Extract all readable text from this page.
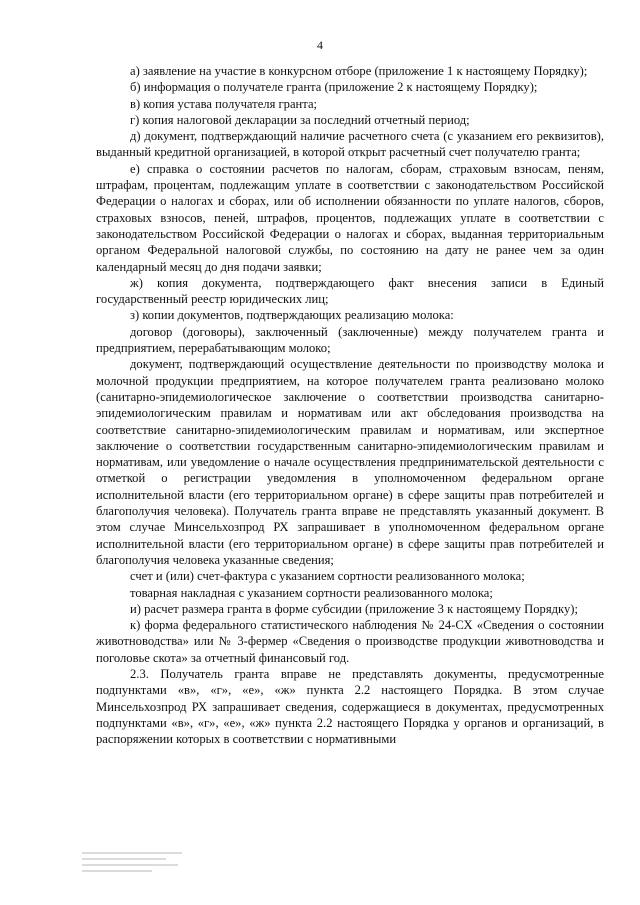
4

а) заявление на участие в конкурсном отборе (приложение 1 к настоящему Порядку);

б) информация о получателе гранта (приложение 2 к настоящему Порядку);

в) копия устава получателя гранта;

г) копия налоговой декларации за последний отчетный период;

д) документ, подтверждающий наличие расчетного счета (с указанием его реквизитов), выданный кредитной организацией, в которой открыт расчетный счет получателю гранта;

е) справка о состоянии расчетов по налогам, сборам, страховым взносам, пеням, штрафам, процентам, подлежащим уплате в соответствии с законодательством Российской Федерации о налогах и сборах, или об исполнении обязанности по уплате налогов, сборов, страховых взносов, пеней, штрафов, процентов, подлежащих уплате в соответствии с законодательством Российской Федерации о налогах и сборах, выданная территориальным органом Федеральной налоговой службы, по состоянию на дату не ранее чем за один календарный месяц до дня подачи заявки;

ж) копия документа, подтверждающего факт внесения записи в Единый государственный реестр юридических лиц;

з) копии документов, подтверждающих реализацию молока:

договор (договоры), заключенный (заключенные) между получателем гранта и предприятием, перерабатывающим молоко;

документ, подтверждающий осуществление деятельности по производству молока и молочной продукции предприятием, на которое получателем гранта реализовано молоко (санитарно-эпидемиологическое заключение о соответствии производства санитарно-эпидемиологическим правилам и нормативам или акт обследования производства на соответствие санитарно-эпидемиологическим правилам и нормативам, или экспертное заключение о соответствии государственным санитарно-эпидемиологическим правилам и нормативам, или уведомление о начале осуществления предпринимательской деятельности с отметкой о регистрации уведомления в уполномоченном федеральном органе исполнительной власти (его территориальном органе) в сфере защиты прав потребителей и благополучия человека). Получатель гранта вправе не представлять указанный документ. В этом случае Минсельхозпрод РХ запрашивает в уполномоченном федеральном органе исполнительной власти (его территориальном органе) в сфере защиты прав потребителей и благополучия человека указанные сведения;

счет и (или) счет-фактура с указанием сортности реализованного молока;

товарная накладная с указанием сортности реализованного молока;

и) расчет размера гранта в форме субсидии (приложение 3 к настоящему Порядку);

к) форма федерального статистического наблюдения № 24-СХ «Сведения о состоянии животноводства» или № 3-фермер «Сведения о производстве продукции животноводства и поголовье скота» за отчетный финансовый год.

2.3. Получатель гранта вправе не представлять документы, предусмотренные подпунктами «в», «г», «е», «ж» пункта 2.2 настоящего Порядка. В этом случае Минсельхозпрод РХ запрашивает сведения, содержащиеся в документах, предусмотренных подпунктами «в», «г», «е», «ж» пункта 2.2 настоящего Порядка у органов и организаций, в распоряжении которых в соответствии с нормативными
